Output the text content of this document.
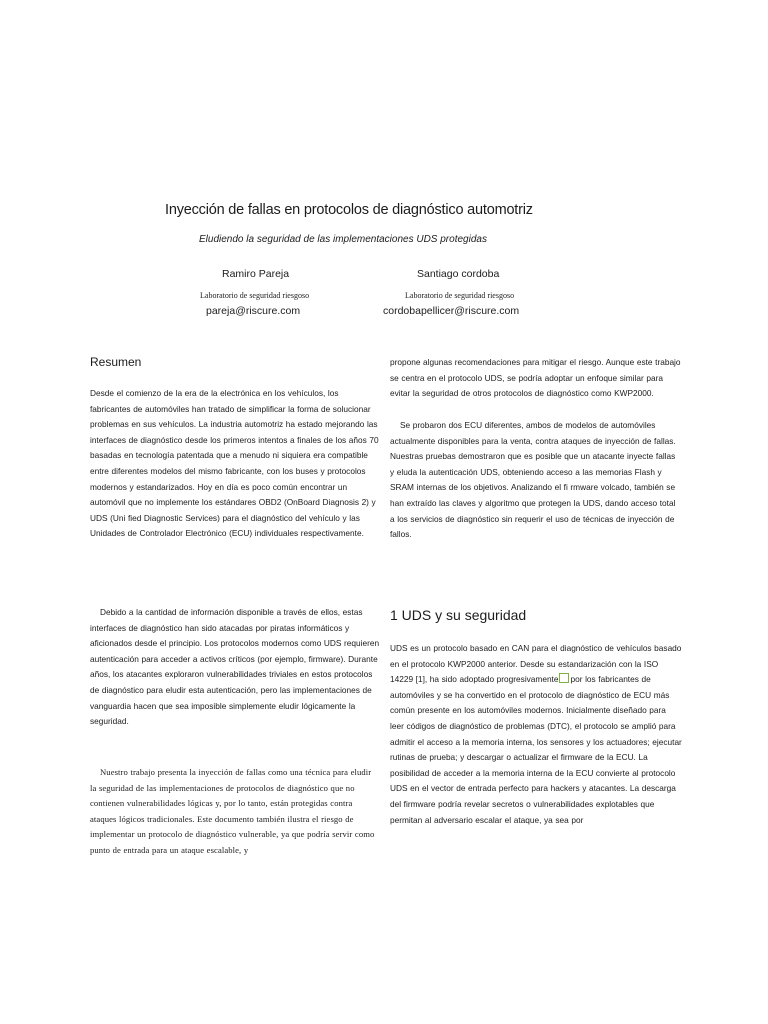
Inyección de fallas en protocolos de diagnóstico automotriz

Eludiendo la seguridad de las implementaciones UDS protegidas

Ramiro Pareja

Laboratorio de seguridad riesgoso

pareja@riscure.com

Santiago cordoba

Laboratorio de seguridad riesgoso

cordobapellicer@riscure.com

Resumen

Desde el comienzo de la era de la electrónica en los vehículos, los fabricantes de automóviles han tratado de simplificar la forma de solucionar problemas en sus vehículos. La industria automotriz ha estado mejorando las interfaces de diagnóstico desde los primeros intentos a finales de los años 70 basadas en tecnología patentada que a menudo ni siquiera era compatible entre diferentes modelos del mismo fabricante, con los buses y protocolos modernos y estandarizados. Hoy en día es poco común encontrar un automóvil que no implemente los estándares OBD2 (OnBoard Diagnosis 2) y UDS (Uni fied Diagnostic Services) para el diagnóstico del vehículo y las Unidades de Controlador Electrónico (ECU) individuales respectivamente.

Debido a la cantidad de información disponible a través de ellos, estas interfaces de diagnóstico han sido atacadas por piratas informáticos y aficionados desde el principio. Los protocolos modernos como UDS requieren autenticación para acceder a activos críticos (por ejemplo, firmware). Durante años, los atacantes exploraron vulnerabilidades triviales en estos protocolos de diagnóstico para eludir esta autenticación, pero las implementaciones de vanguardia hacen que sea imposible simplemente eludir lógicamente la seguridad.

Nuestro trabajo presenta la inyección de fallas como una técnica para eludir la seguridad de las implementaciones de protocolos de diagnóstico que no contienen vulnerabilidades lógicas y, por lo tanto, están protegidas contra ataques lógicos tradicionales. Este documento también ilustra el riesgo de implementar un protocolo de diagnóstico vulnerable, ya que podría servir como punto de entrada para un ataque escalable, y

propone algunas recomendaciones para mitigar el riesgo. Aunque este trabajo se centra en el protocolo UDS, se podría adoptar un enfoque similar para evitar la seguridad de otros protocolos de diagnóstico como KWP2000.

Se probaron dos ECU diferentes, ambos de modelos de automóviles actualmente disponibles para la venta, contra ataques de inyección de fallas. Nuestras pruebas demostraron que es posible que un atacante inyecte fallas y eluda la autenticación UDS, obteniendo acceso a las memorias Flash y SRAM internas de los objetivos. Analizando el fi rmware volcado, también se han extraído las claves y algoritmo que protegen la UDS, dando acceso total a los servicios de diagnóstico sin requerir el uso de técnicas de inyección de fallos.

1 UDS y su seguridad

UDS es un protocolo basado en CAN para el diagnóstico de vehículos basado en el protocolo KWP2000 anterior. Desde su estandarización con la ISO 14229 [1], ha sido adoptado progresivamente por los fabricantes de automóviles y se ha convertido en el protocolo de diagnóstico de ECU más común presente en los automóviles modernos. Inicialmente diseñado para leer códigos de diagnóstico de problemas (DTC), el protocolo se amplió para admitir el acceso a la memoria interna, los sensores y los actuadores; ejecutar rutinas de prueba; y descargar o actualizar el firmware de la ECU. La posibilidad de acceder a la memoria interna de la ECU convierte al protocolo UDS en el vector de entrada perfecto para hackers y atacantes. La descarga del firmware podría revelar secretos o vulnerabilidades explotables que permitan al adversario escalar el ataque, ya sea por
